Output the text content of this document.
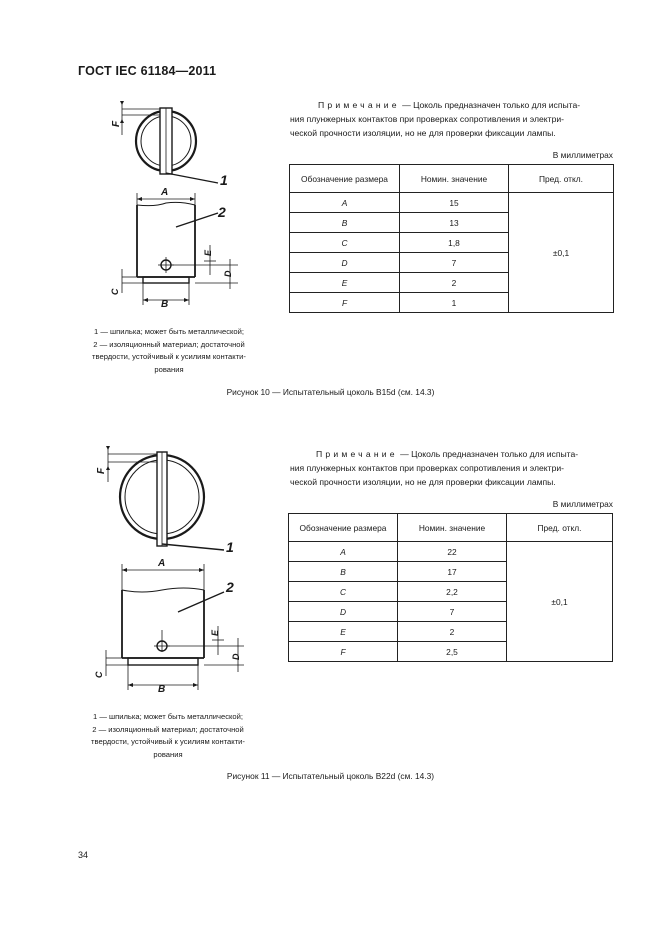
ГОСТ IEC 61184—2011
F
1
A
2
E
D
C
B
Примечание — Цоколь предназначен только для испыта-
ния плунжерных контактов при проверках сопротивления и электри-
ческой прочности изоляции, но не для проверки фиксации лампы.
В миллиметрах
Обозначение размера	Номин. значение	Пред. откл.
A	15	±0,1
B	13	
C	1,8	
D	7	
E	2	
F	1	
1 — шпилька; может быть металлической;
2 — изоляционный материал; достаточной
твердости, устойчивый к усилиям контакти-
рования
Рисунок 10 — Испытательный цоколь B15d (см. 14.3)
F
1
A
2
E
D
C
B
Примечание — Цоколь предназначен только для испыта-
ния плунжерных контактов при проверках сопротивления и электри-
ческой прочности изоляции, но не для проверки фиксации лампы.
В миллиметрах
Обозначение размера	Номин. значение	Пред. откл.
A	22	±0,1
B	17	
C	2,2	
D	7	
E	2	
F	2,5	
1 — шпилька; может быть металлической;
2 — изоляционный материал; достаточной
твердости, устойчивый к усилиям контакти-
рования
Рисунок 11 — Испытательный цоколь B22d (см. 14.3)
34
